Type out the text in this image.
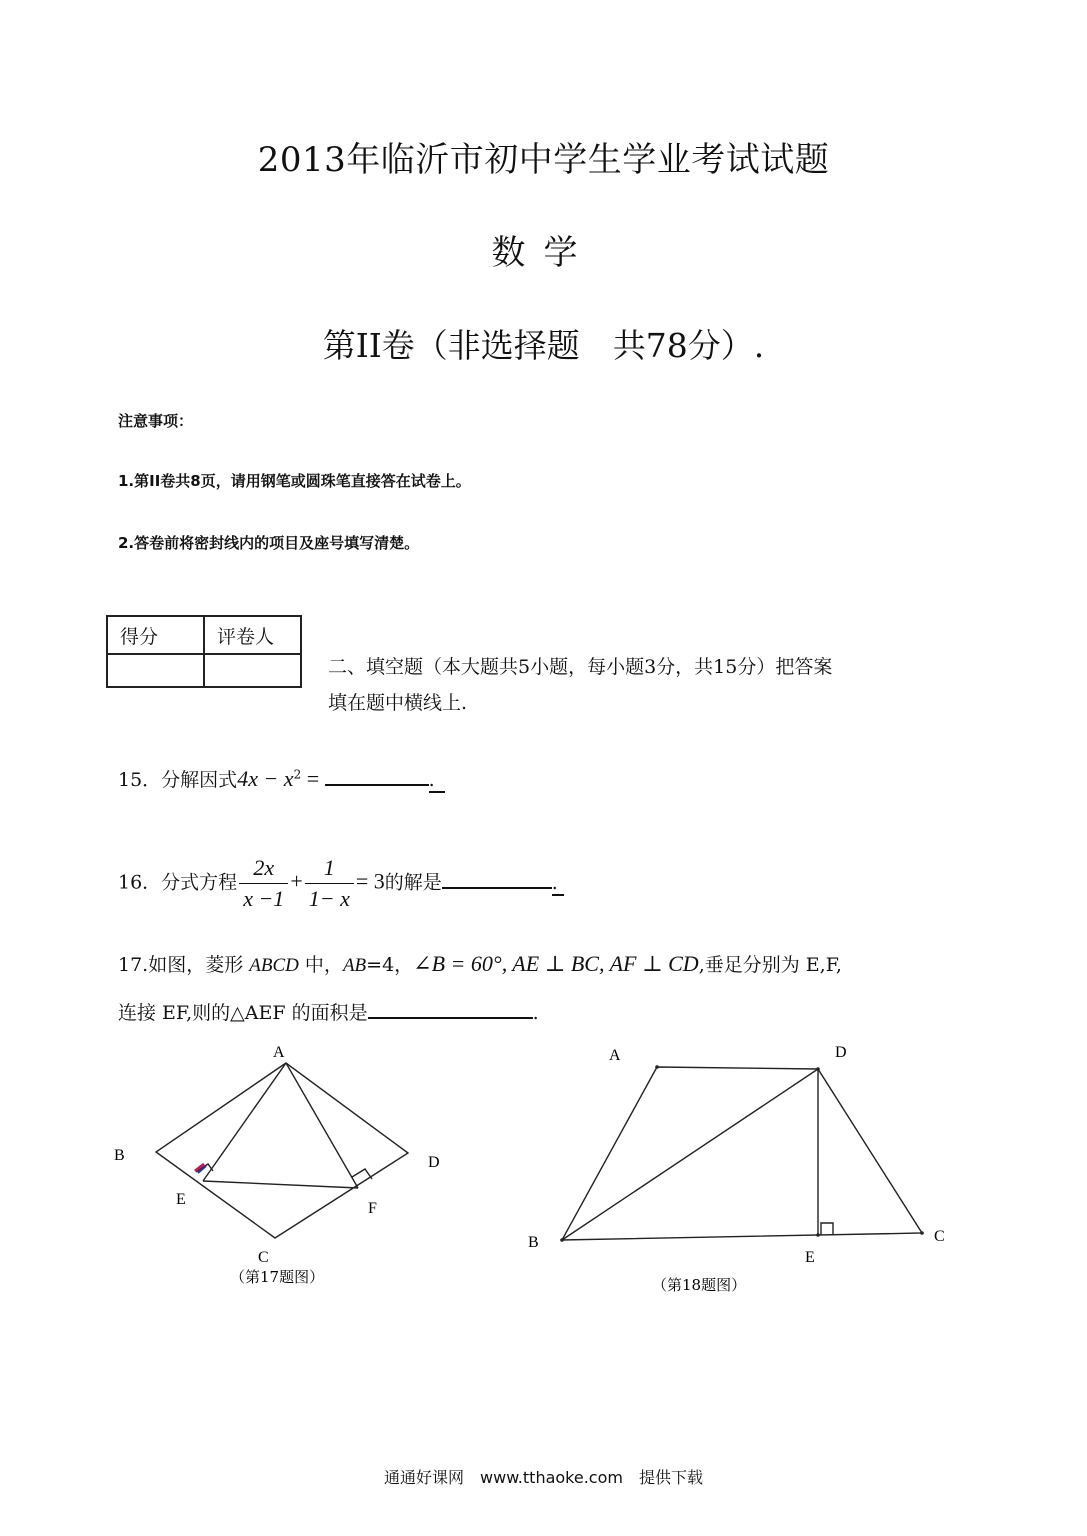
2013年临沂市初中学生学业考试试题
数学
第II卷（非选择题　共78分）.
注意事项：
1.第II卷共8页，请用钢笔或圆珠笔直接答在试卷上。
2.答卷前将密封线内的项目及座号填写清楚。
得分	评卷人

二、填空题（本大题共5小题，每小题3分，共15分）把答案
填在题中横线上.
15．分解因式$4x - x^2$ =	.
16．分式方程 $\frac{2x}{x -1} + \frac{1}{1- x} = 3$的解是	.
17.如图，菱形 ABCD 中，AB=4，∠B = 60°, AE ⊥ BC, AF ⊥ CD,垂足分别为 E,F,
连接 EF,则的△AEF 的面积是	.
A
B
C
D
E
F
（第17题图）
A	D
B	C
E
（第18题图）
通通好课网　www.tthaoke.com　提供下载
